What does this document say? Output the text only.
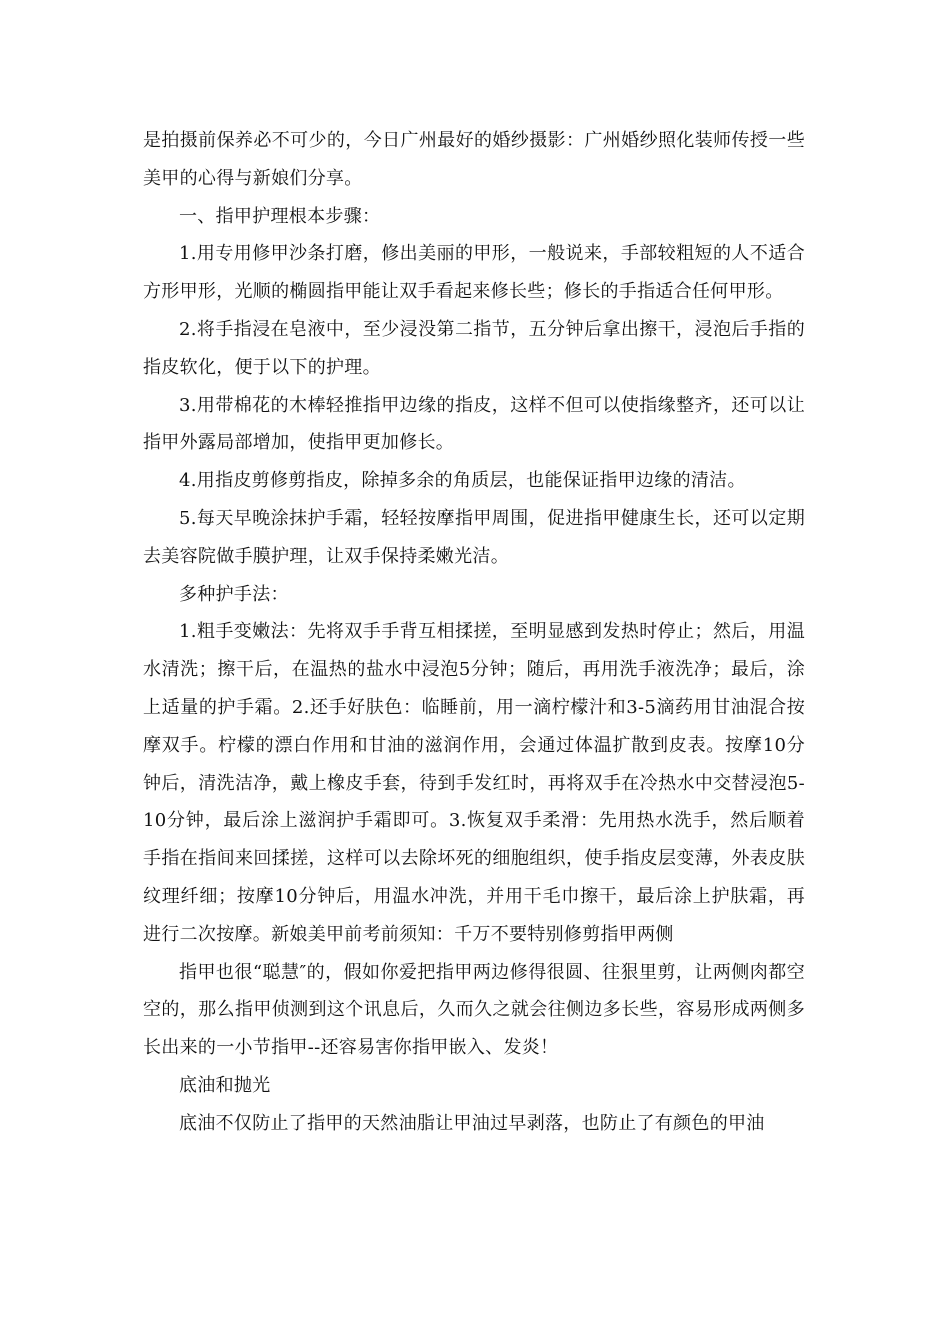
是拍摄前保养必不可少的，今日广州最好的婚纱摄影：广州婚纱照化装师传授一些美甲的心得与新娘们分享。

一、指甲护理根本步骤：

1.用专用修甲沙条打磨，修出美丽的甲形，一般说来，手部较粗短的人不适合方形甲形，光顺的椭圆指甲能让双手看起来修长些；修长的手指适合任何甲形。

2.将手指浸在皂液中，至少浸没第二指节，五分钟后拿出擦干，浸泡后手指的指皮软化，便于以下的护理。

3.用带棉花的木棒轻推指甲边缘的指皮，这样不但可以使指缘整齐，还可以让指甲外露局部增加，使指甲更加修长。

4.用指皮剪修剪指皮，除掉多余的角质层，也能保证指甲边缘的清洁。

5.每天早晚涂抹护手霜，轻轻按摩指甲周围，促进指甲健康生长，还可以定期去美容院做手膜护理，让双手保持柔嫩光洁。

多种护手法：

1.粗手变嫩法：先将双手手背互相揉搓，至明显感到发热时停止；然后，用温水清洗；擦干后，在温热的盐水中浸泡5分钟；随后，再用洗手液洗净；最后，涂上适量的护手霜。2.还手好肤色：临睡前，用一滴柠檬汁和3-5滴药用甘油混合按摩双手。柠檬的漂白作用和甘油的滋润作用，会通过体温扩散到皮表。按摩10分钟后，清洗洁净，戴上橡皮手套，待到手发红时，再将双手在冷热水中交替浸泡5-10分钟，最后涂上滋润护手霜即可。3.恢复双手柔滑：先用热水洗手，然后顺着手指在指间来回揉搓，这样可以去除坏死的细胞组织，使手指皮层变薄，外表皮肤纹理纤细；按摩10分钟后，用温水冲洗，并用干毛巾擦干，最后涂上护肤霜，再进行二次按摩。新娘美甲前考前须知：千万不要特别修剪指甲两侧

指甲也很“聪慧″的，假如你爱把指甲两边修得很圆、往狠里剪，让两侧肉都空空的，那么指甲侦测到这个讯息后，久而久之就会往侧边多长些，容易形成两侧多长出来的一小节指甲--还容易害你指甲嵌入、发炎！

底油和抛光

底油不仅防止了指甲的天然油脂让甲油过早剥落，也防止了有颜色的甲油
